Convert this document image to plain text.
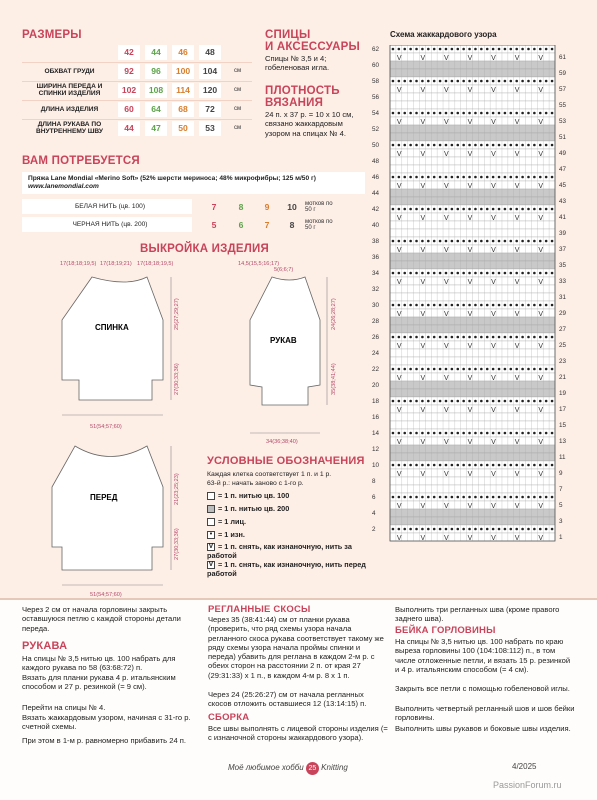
РАЗМЕРЫ
42	44	46	48
ОБХВАТ ГРУДИ	92	96	100	104	см
ШИРИНА ПЕРЕДА И СПИНКИ ИЗДЕЛИЯ	102	108	114	120	см
ДЛИНА ИЗДЕЛИЯ	60	64	68	72	см
ДЛИНА РУКАВА ПО ВНУТРЕННЕМУ ШВУ	44	47	50	53	см
СПИЦЫ
И АКСЕССУАРЫ
Спицы № 3,5 и 4; гобеленовая игла.
ПЛОТНОСТЬ
ВЯЗАНИЯ
24 п. х 37 р. = 10 х 10 см, связано жаккардовым узором на спицах № 4.
ВАМ ПОТРЕБУЕТСЯ
Пряжа Lane Mondial «Merino Soft» (52% шерсти мериноса; 48% микрофибры; 125 м/50 г)
www.lanemondial.com
БЕЛАЯ НИТЬ (цв. 100)	7	8	9	10	мотков по 50 г
ЧЕРНАЯ НИТЬ (цв. 200)	5	6	7	8	мотков по 50 г
ВЫКРОЙКА ИЗДЕЛИЯ
СПИНКА
РУКАВ
ПЕРЕД
17(18;18;19,5) 17(18;19;21) 17(18;18;19,5)
51(54;57;60)
14,5(15,5;16;17)
5(6;6;7)
34(36;38;40)
51(54;57;60)
25(27;29;27)
27(30;33;36)
24(26;28;27)
35(38;41;44)
21(23;25;23)
27(30;33;36)
УСЛОВНЫЕ ОБОЗНАЧЕНИЯ
Каждая клетка соответствует 1 п. и 1 р.
63-й р.: начать заново с 1-го р.
= 1 п. нитью цв. 100
= 1 п. нитью цв. 200
= 1 лиц.
• = 1 изн.
V = 1 п. снять, как изнаночную, нить за работой
V = 1 п. снять, как изнаночную, нить перед работой
Схема жаккардового узора
V	V	V	V	V	V	V
V	V	V	V	V	V	V
V	V	V	V	V	V	V
V	V	V	V	V	V	V
V	V	V	V	V	V	V
V	V	V	V	V	V	V
V	V	V	V	V	V	V
V	V	V	V	V	V	V
V	V	V	V	V	V	V
V	V	V	V	V	V	V
V	V	V	V	V	V	V
V	V	V	V	V	V	V
V	V	V	V	V	V	V
V	V	V	V	V	V	V
V	V	V	V	V	V	V
V	V	V	V	V	V	V
62
60
58
56
54
52
50
48
46
44
42
40
38
36
34
32
30
28
26
24
22
20
18
16
14
12
10
8
6
4
2
61
59
57
55
53
51
49
47
45
43
41
39
37
35
33
31
29
27
25
23
21
19
17
15
13
11
9
7
5
3
1
Через 2 см от начала горловины закрыть оставшуюся петлю с каждой стороны детали переда.
РУКАВА
На спицы № 3,5 нитью цв. 100 набрать для каждого рукава по 58 (63:68:72) п.
Вязать для планки рукава 4 р. итальянским способом и 27 р. резинкой (= 9 см).
Перейти на спицы № 4.
Вязать жаккардовым узором, начиная с 31-го р. счетной схемы.
При этом в 1-м р. равномерно прибавить 24 п.
РЕГЛАННЫЕ СКОСЫ
Через 35 (38:41:44) см от планки рукава (проверить, что ряд схемы узора начала регланного скоса рукава соответствует такому же ряду схемы узора начала проймы спинки и переда) убавить для реглана в каждом 2-м р. с обеих сторон на расстоянии 2 п. от края 27 (29:31:33) х 1 п., в каждом 4-м р. 8 х 1 п.
Через 24 (25:26:27) см от начала регланных скосов отложить оставшиеся 12 (13:14:15) п.
СБОРКА
Все швы выполнять с лицевой стороны изделия (= с изнаночной стороны жаккардового узора).
Выполнить три регланных шва (кроме правого заднего шва).
БЕЙКА ГОРЛОВИНЫ
На спицы № 3,5 нитью цв. 100 набрать по краю выреза горловины 100 (104:108:112) п., в том числе отложенные петли, и вязать 15 р. резинкой и 4 р. итальянским способом (= 4 см).
Закрыть все петли с помощью гобеленовой иглы.
Выполнить четвертый регланный шов и шов бейки горловины.
Выполнить швы рукавов и боковые швы изделия.
Моё любимое хобби 25 Knitting	4/2025
PassionForum.ru
